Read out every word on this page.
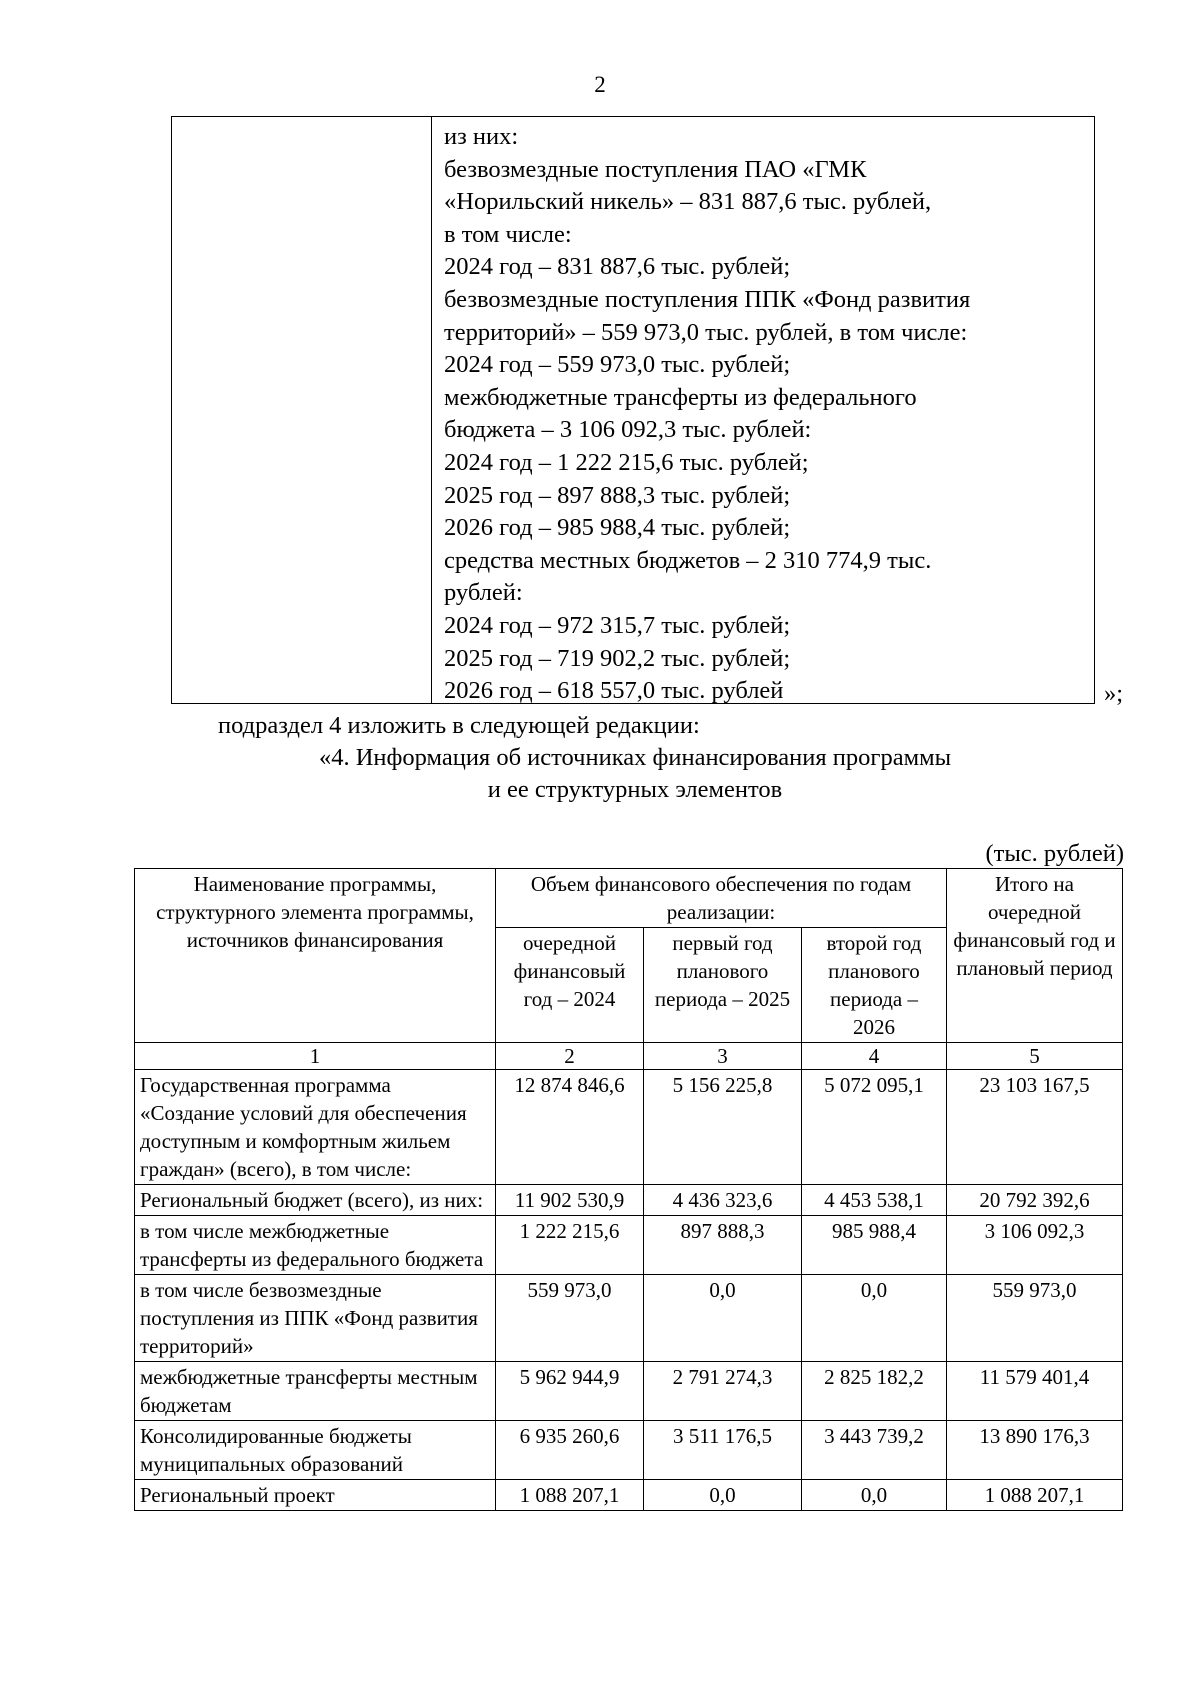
2
из них:
безвозмездные поступления ПАО «ГМК
«Норильский никель» – 831 887,6 тыс. рублей,
в том числе:
2024 год – 831 887,6 тыс. рублей;
безвозмездные поступления ППК «Фонд развития
территорий» – 559 973,0 тыс. рублей, в том числе:
2024 год – 559 973,0 тыс. рублей;
межбюджетные трансферты из федерального
бюджета – 3 106 092,3 тыс. рублей:
2024 год – 1 222 215,6 тыс. рублей;
2025 год – 897 888,3 тыс. рублей;
2026 год – 985 988,4 тыс. рублей;
средства местных бюджетов – 2 310 774,9 тыс.
рублей:
2024 год – 972 315,7 тыс. рублей;
2025 год – 719 902,2 тыс. рублей;
2026 год – 618 557,0 тыс. рублей	»;
подраздел 4 изложить в следующей редакции:
«4. Информация об источниках финансирования программы
и ее структурных элементов
(тыс. рублей)
Наименование программы, структурного элемента программы, источников финансирования	Объем финансового обеспечения по годам реализации:			Итого на очередной финансовый год и плановый период
	очередной финансовый год – 2024	первый год планового периода – 2025	второй год планового периода – 2026	
1	2	3	4	5
Государственная программа «Создание условий для обеспечения доступным и комфортным жильем граждан» (всего), в том числе:	12 874 846,6	5 156 225,8	5 072 095,1	23 103 167,5
Региональный бюджет (всего), из них:	11 902 530,9	4 436 323,6	4 453 538,1	20 792 392,6
в том числе межбюджетные трансферты из федерального бюджета	1 222 215,6	897 888,3	985 988,4	3 106 092,3
в том числе безвозмездные поступления из ППК «Фонд развития территорий»	559 973,0	0,0	0,0	559 973,0
межбюджетные трансферты местным бюджетам	5 962 944,9	2 791 274,3	2 825 182,2	11 579 401,4
Консолидированные бюджеты муниципальных образований	6 935 260,6	3 511 176,5	3 443 739,2	13 890 176,3
Региональный проект	1 088 207,1	0,0	0,0	1 088 207,1
